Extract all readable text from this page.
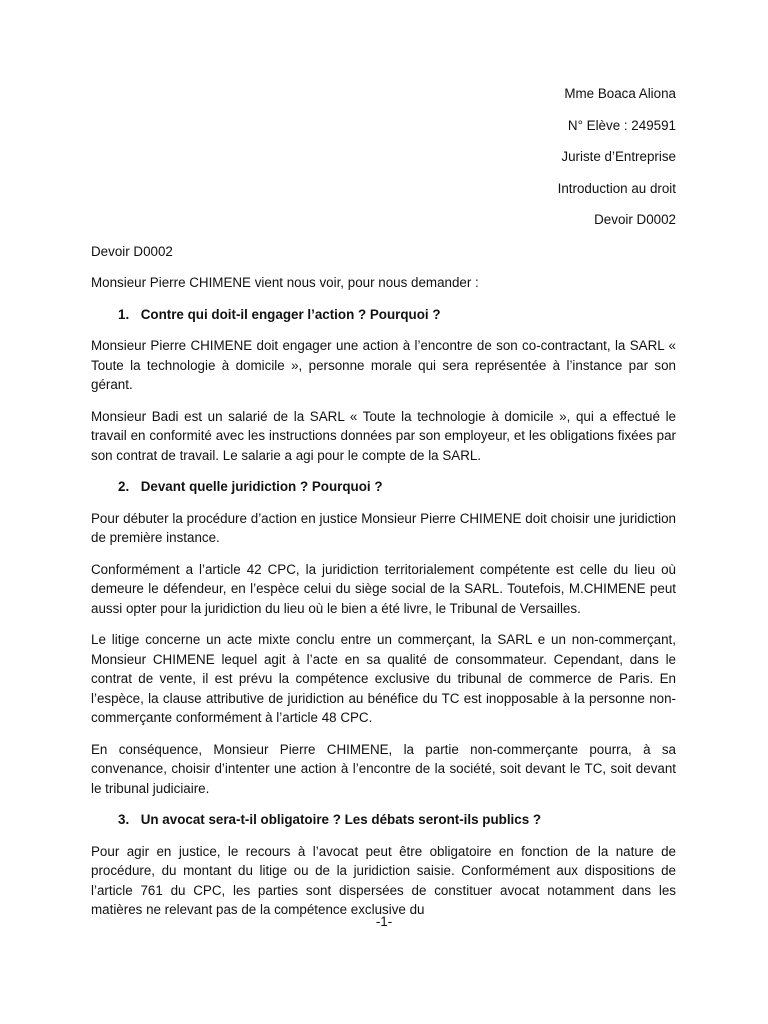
Mme Boaca Aliona
N° Elève : 249591
Juriste d’Entreprise
Introduction au droit
Devoir D0002

Devoir D0002

Monsieur Pierre CHIMENE vient nous voir, pour nous demander :

1. Contre qui doit-il engager l’action ? Pourquoi ?

Monsieur Pierre CHIMENE doit engager une action à l’encontre de son co-contractant, la SARL « Toute la technologie à domicile », personne morale qui sera représentée à l’instance par son gérant.

Monsieur Badi est un salarié de la SARL « Toute la technologie à domicile », qui a effectué le travail en conformité avec les instructions données par son employeur, et les obligations fixées par son contrat de travail. Le salarie a agi pour le compte de la SARL.

2. Devant quelle juridiction ? Pourquoi ?

Pour débuter la procédure d’action en justice Monsieur Pierre CHIMENE doit choisir une juridiction de première instance.

Conformément a l’article 42 CPC, la juridiction territorialement compétente est celle du lieu où demeure le défendeur, en l’espèce celui du siège social de la SARL. Toutefois, M.CHIMENE peut aussi opter pour la juridiction du lieu où le bien a été livre, le Tribunal de Versailles.

Le litige concerne un acte mixte conclu entre un commerçant, la SARL e un non-commerçant, Monsieur CHIMENE lequel agit à l’acte en sa qualité de consommateur. Cependant, dans le contrat de vente, il est prévu la compétence exclusive du tribunal de commerce de Paris. En l’espèce, la clause attributive de juridiction au bénéfice du TC est inopposable à la personne non-commerçante conformément à l’article 48 CPC.

En conséquence, Monsieur Pierre CHIMENE, la partie non-commerçante pourra, à sa convenance, choisir d’intenter une action à l’encontre de la société, soit devant le TC, soit devant le tribunal judiciaire.

3. Un avocat sera-t-il obligatoire ? Les débats seront-ils publics ?

Pour agir en justice, le recours à l’avocat peut être obligatoire en fonction de la nature de procédure, du montant du litige ou de la juridiction saisie. Conformément aux dispositions de l’article 761 du CPC, les parties sont dispersées de constituer avocat notamment dans les matières ne relevant pas de la compétence exclusive du

-1-
